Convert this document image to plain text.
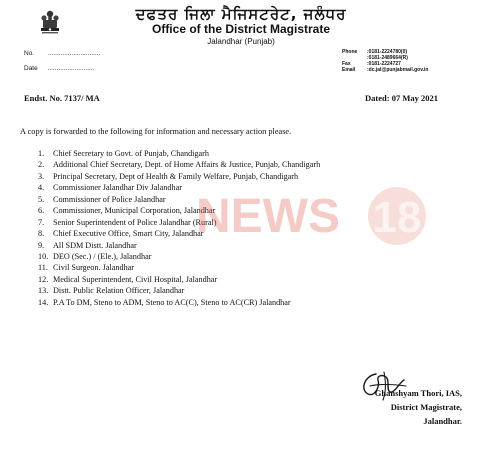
ਦਫਤਰ ਜਿਲਾ ਮੈਜਿਸਟਰੇਟ, ਜਲੰਧਰ
Office of the District Magistrate
Jalandhar (Punjab)
No. .............................
Date ..........................
Phone :0181-2224780(0)
:0181-2489664(R)
Fax	:0181-2224727
Email :dc.jal@punjabmail.gov.in
Endst. No. 7137/ MA	Dated: 07 May 2021
A copy is forwarded to the following for information and necessary action please.
1. Chief Secretary to Govt. of Punjab, Chandigarh
2. Additional Chief Secretary, Dept. of Home Affairs & Justice, Punjab, Chandigarh
3. Principal Secretary, Dept of Health & Family Welfare, Punjab, Chandigarh
4. Commissioner Jalandhar Div Jalandhar
5. Commissioner of Police Jalandhar
6. Commissioner, Municipal Corporation, Jalandhar
7. Senior Superintendent of Police Jalandhar (Rural)
8. Chief Executive Office, Smart City, Jalandhar
9. All SDM Distt. Jalandhar
10. DEO (Sec.) / (Ele.), Jalandhar
11. Civil Surgeon. Jalandhar
12. Medical Superintendent, Civil Hospital, Jalandhar
13. Distt. Public Relation Officer, Jalandhar
14. P.A To DM, Steno to ADM, Steno to AC(C), Steno to AC(CR) Jalandhar
NEWS 18
Ghanshyam Thori, IAS,
District Magistrate,
Jalandhar.
